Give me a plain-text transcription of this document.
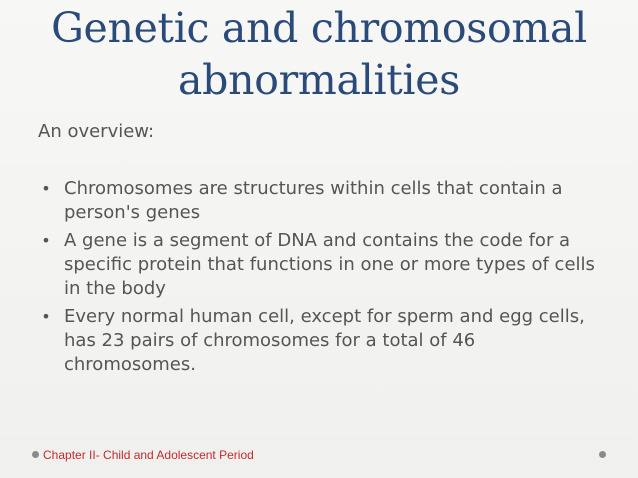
Genetic and chromosomal abnormalities
An overview:
• Chromosomes are structures within cells that contain a person's genes
• A gene is a segment of DNA and contains the code for a specific protein that functions in one or more types of cells in the body
• Every normal human cell, except for sperm and egg cells, has 23 pairs of chromosomes for a total of 46 chromosomes.
Chapter II- Child and Adolescent Period
